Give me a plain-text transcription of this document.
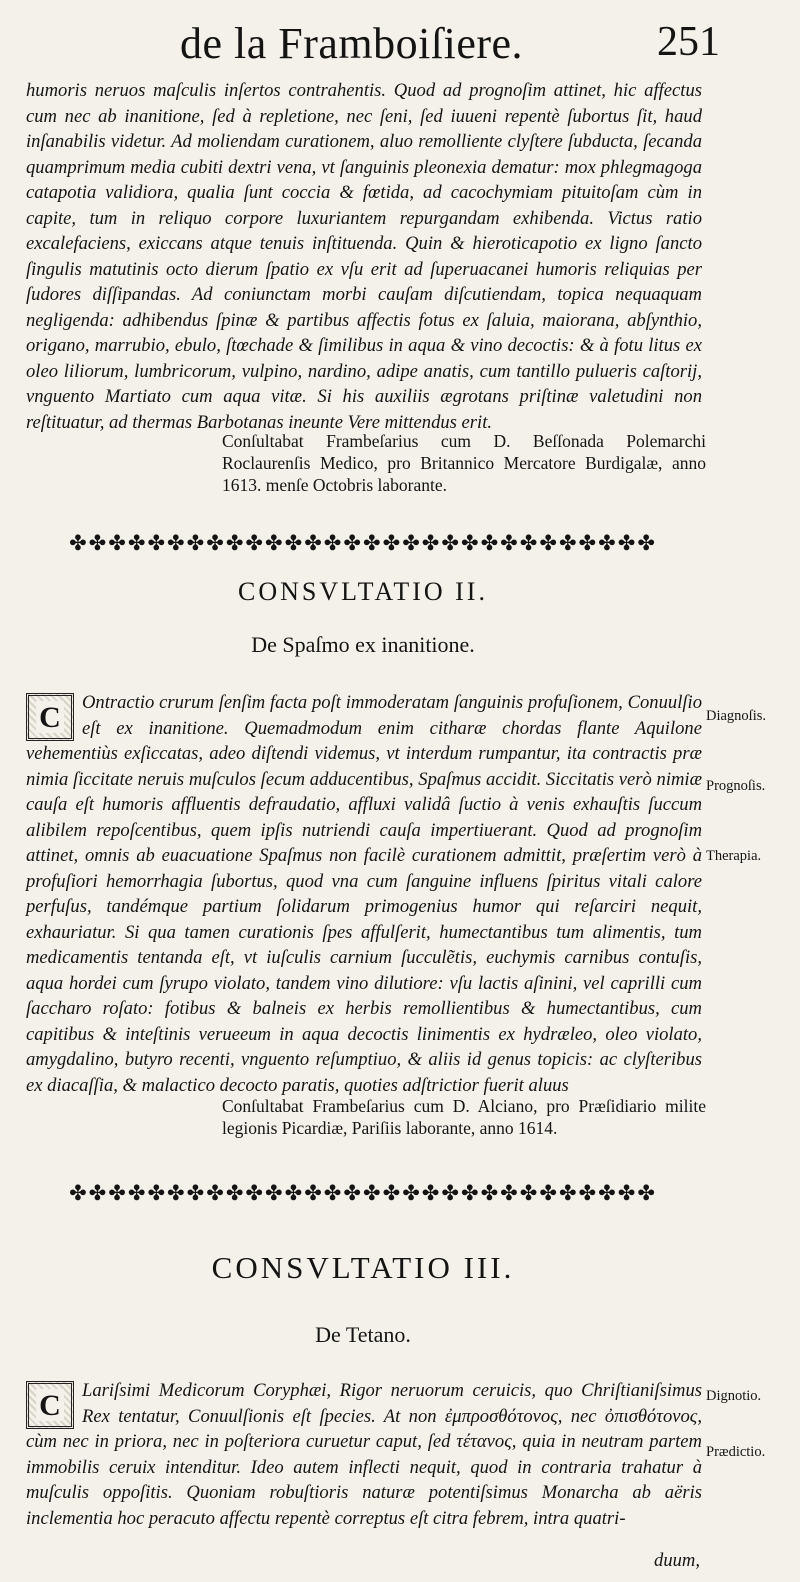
de la Framboiſiere.	251

humoris neruos maſculis inſertos contrahentis. Quod ad prognoſim attinet, hic affectus cum nec ab inanitione, ſed à repletione, nec ſeni, ſed iuueni repentè ſubortus ſit, haud inſanabilis videtur. Ad moliendam curationem, aluo remolliente clyſtere ſubducta, ſecanda quamprimum media cubiti dextri vena, vt ſanguinis pleonexia dematur: mox phlegmagoga catapotia validiora, qualia ſunt coccia & fœtida, ad cacochymiam pituitoſam cùm in capite, tum in reliquo corpore luxuriantem repurgandam exhibenda. Victus ratio excalefaciens, exiccans atque tenuis inſtituenda. Quin & hieroticapotio ex ligno ſancto ſingulis matutinis octo dierum ſpatio ex vſu erit ad ſuperuacanei humoris reliquias per ſudores diſſipandas. Ad coniunctam morbi cauſam diſcutiendam, topica nequaquam negligenda: adhibendus ſpinæ & partibus affectis fotus ex ſaluia, maiorana, abſynthio, origano, marrubio, ebulo, ſtœchade & ſimilibus in aqua & vino decoctis: & à fotu litus ex oleo liliorum, lumbricorum, vulpino, nardino, adipe anatis, cum tantillo pulueris caſtorij, vnguento Martiato cum aqua vitæ. Si his auxiliis ægrotans priſtinæ valetudini non reſtituatur, ad thermas Barbotanas ineunte Vere mittendus erit.

Conſultabat Frambeſarius cum D. Beſſonada Polemarchi Roclaurenſis Medico, pro Britannico Mercatore Burdigalæ, anno 1613. menſe Octobris laborante.
✤✤✤✤✤✤✤✤✤✤✤✤✤✤✤✤✤✤✤✤✤✤✤✤✤✤✤✤✤✤
CONSVLTATIO II.
De Spaſmo ex inanitione.
C	Ontractio crurum ſenſim facta poſt immoderatam ſanguinis profuſionem, Conuulſio eſt ex inanitione. Quemadmodum enim citharæ chordas flante Aquilone vehementiùs exſiccatas, adeo diſtendi videmus, vt interdum rumpantur, ita contractis præ nimia ſiccitate neruis muſculos ſecum adducentibus, Spaſmus accidit. Siccitatis verò nimiæ cauſa eſt humoris affluentis defraudatio, affluxi validâ ſuctio à venis exhauſtis ſuccum alibilem repoſcentibus, quem ipſis nutriendi cauſa impertiuerant. Quod ad prognoſim attinet, omnis ab euacuatione Spaſmus non facilè curationem admittit, præſertim verò à profuſiori hemorrhagia ſubortus, quod vna cum ſanguine influens ſpiritus vitali calore perfuſus, tandémque partium ſolidarum primogenius humor qui reſarciri nequit, exhauriatur. Si qua tamen curationis ſpes affulſerit, humectantibus tum alimentis, tum medicamentis tentanda eſt, vt iuſculis carnium ſucculẽtis, euchymis carnibus contuſis, aqua hordei cum ſyrupo violato, tandem vino dilutiore: vſu lactis aſinini, vel caprilli cum ſaccharo roſato: fotibus & balneis ex herbis remollientibus & humectantibus, cum capitibus & inteſtinis verueeum in aqua decoctis linimentis ex hydræleo, oleo violato, amygdalino, butyro recenti, vnguento reſumptiuo, & aliis id genus topicis: ac clyſteribus ex diacaſſia, & malactico decocto paratis, quoties adſtrictior fuerit aluus

Diagnoſis.
Prognoſis.
Therapia.
Conſultabat Frambeſarius cum D. Alciano, pro Præſidiario milite legionis Picardiæ, Pariſiis laborante, anno 1614.
✤✤✤✤✤✤✤✤✤✤✤✤✤✤✤✤✤✤✤✤✤✤✤✤✤✤✤✤✤✤
CONSVLTATIO III.
De Tetano.
C	Lariſsimi Medicorum Coryphæi, Rigor neruorum ceruicis, quo Chriſtianiſsimus Rex tentatur, Conuulſionis eſt ſpecies. At non ἐμπροσθότονος, nec ὀπισθότονος, cùm nec in priora, nec in poſteriora curuetur caput, ſed τέτανος, quia in neutram partem immobilis ceruix intenditur. Ideo autem inflecti nequit, quod in contraria trahatur à muſculis oppoſitis. Quoniam robuſtioris naturæ potentiſsimus Monarcha ab aëris inclementia hoc peracuto affectu repentè correptus eſt citra febrem, intra quatri-

Dignotio.
Prædictio.
duum,
